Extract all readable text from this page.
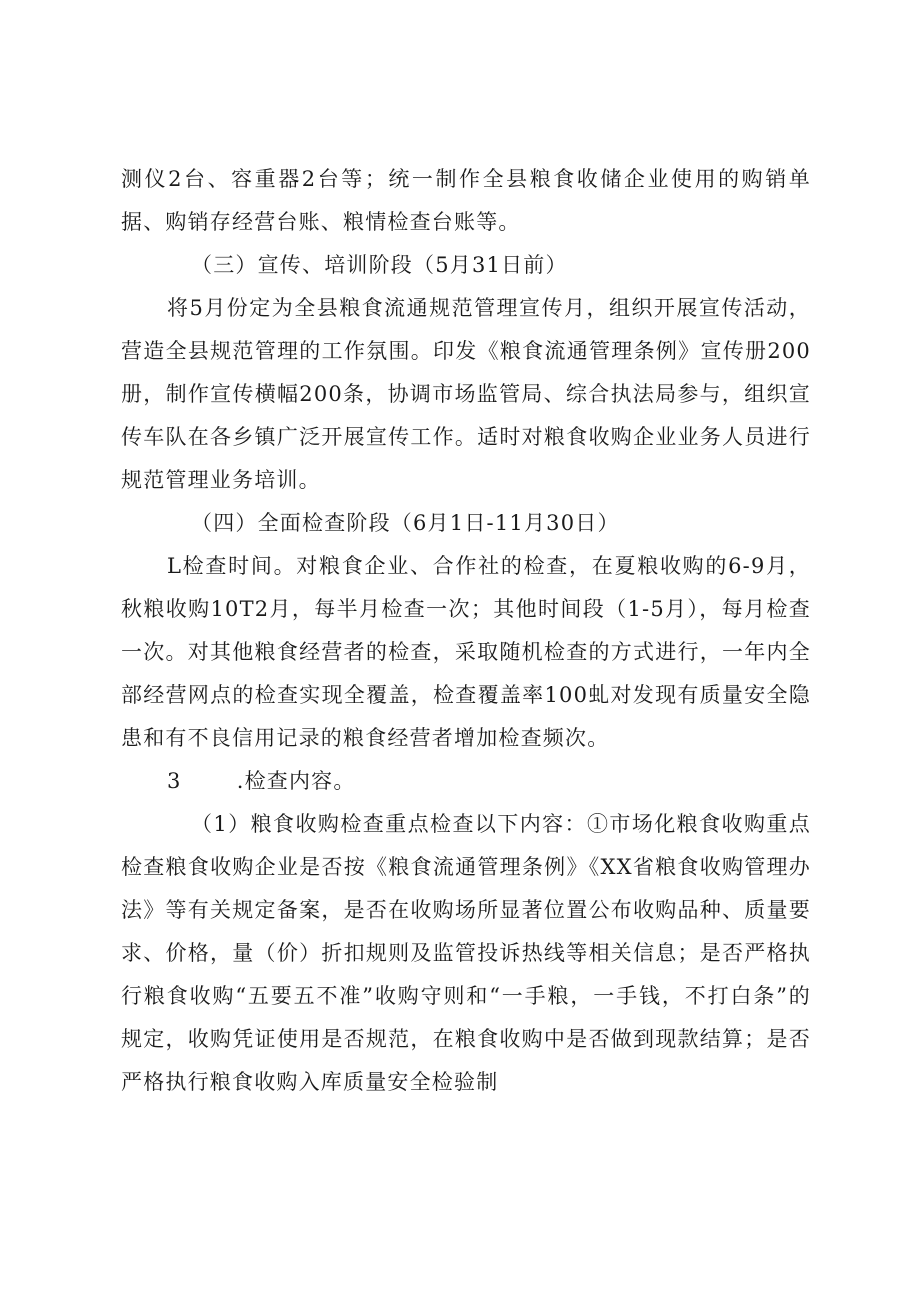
测仪2台、容重器2台等；统一制作全县粮食收储企业使用的购销单据、购销存经营台账、粮情检查台账等。

（三）宣传、培训阶段（5月31日前）

将5月份定为全县粮食流通规范管理宣传月，组织开展宣传活动，营造全县规范管理的工作氛围。印发《粮食流通管理条例》宣传册200册，制作宣传横幅200条，协调市场监管局、综合执法局参与，组织宣传车队在各乡镇广泛开展宣传工作。适时对粮食收购企业业务人员进行规范管理业务培训。

（四）全面检查阶段（6月1日-11月30日）

L检查时间。对粮食企业、合作社的检查，在夏粮收购的6-9月，秋粮收购10T2月，每半月检查一次；其他时间段（1-5月），每月检查一次。对其他粮食经营者的检查，采取随机检查的方式进行，一年内全部经营网点的检查实现全覆盖，检查覆盖率100虬对发现有质量安全隐患和有不良信用记录的粮食经营者增加检查频次。

3       .检查内容。

（1）粮食收购检查重点检查以下内容：①市场化粮食收购重点检查粮食收购企业是否按《粮食流通管理条例》《XX省粮食收购管理办法》等有关规定备案，是否在收购场所显著位置公布收购品种、质量要求、价格，量（价）折扣规则及监管投诉热线等相关信息；是否严格执行粮食收购“五要五不准”收购守则和“一手粮，一手钱，不打白条”的规定，收购凭证使用是否规范，在粮食收购中是否做到现款结算；是否严格执行粮食收购入库质量安全检验制
